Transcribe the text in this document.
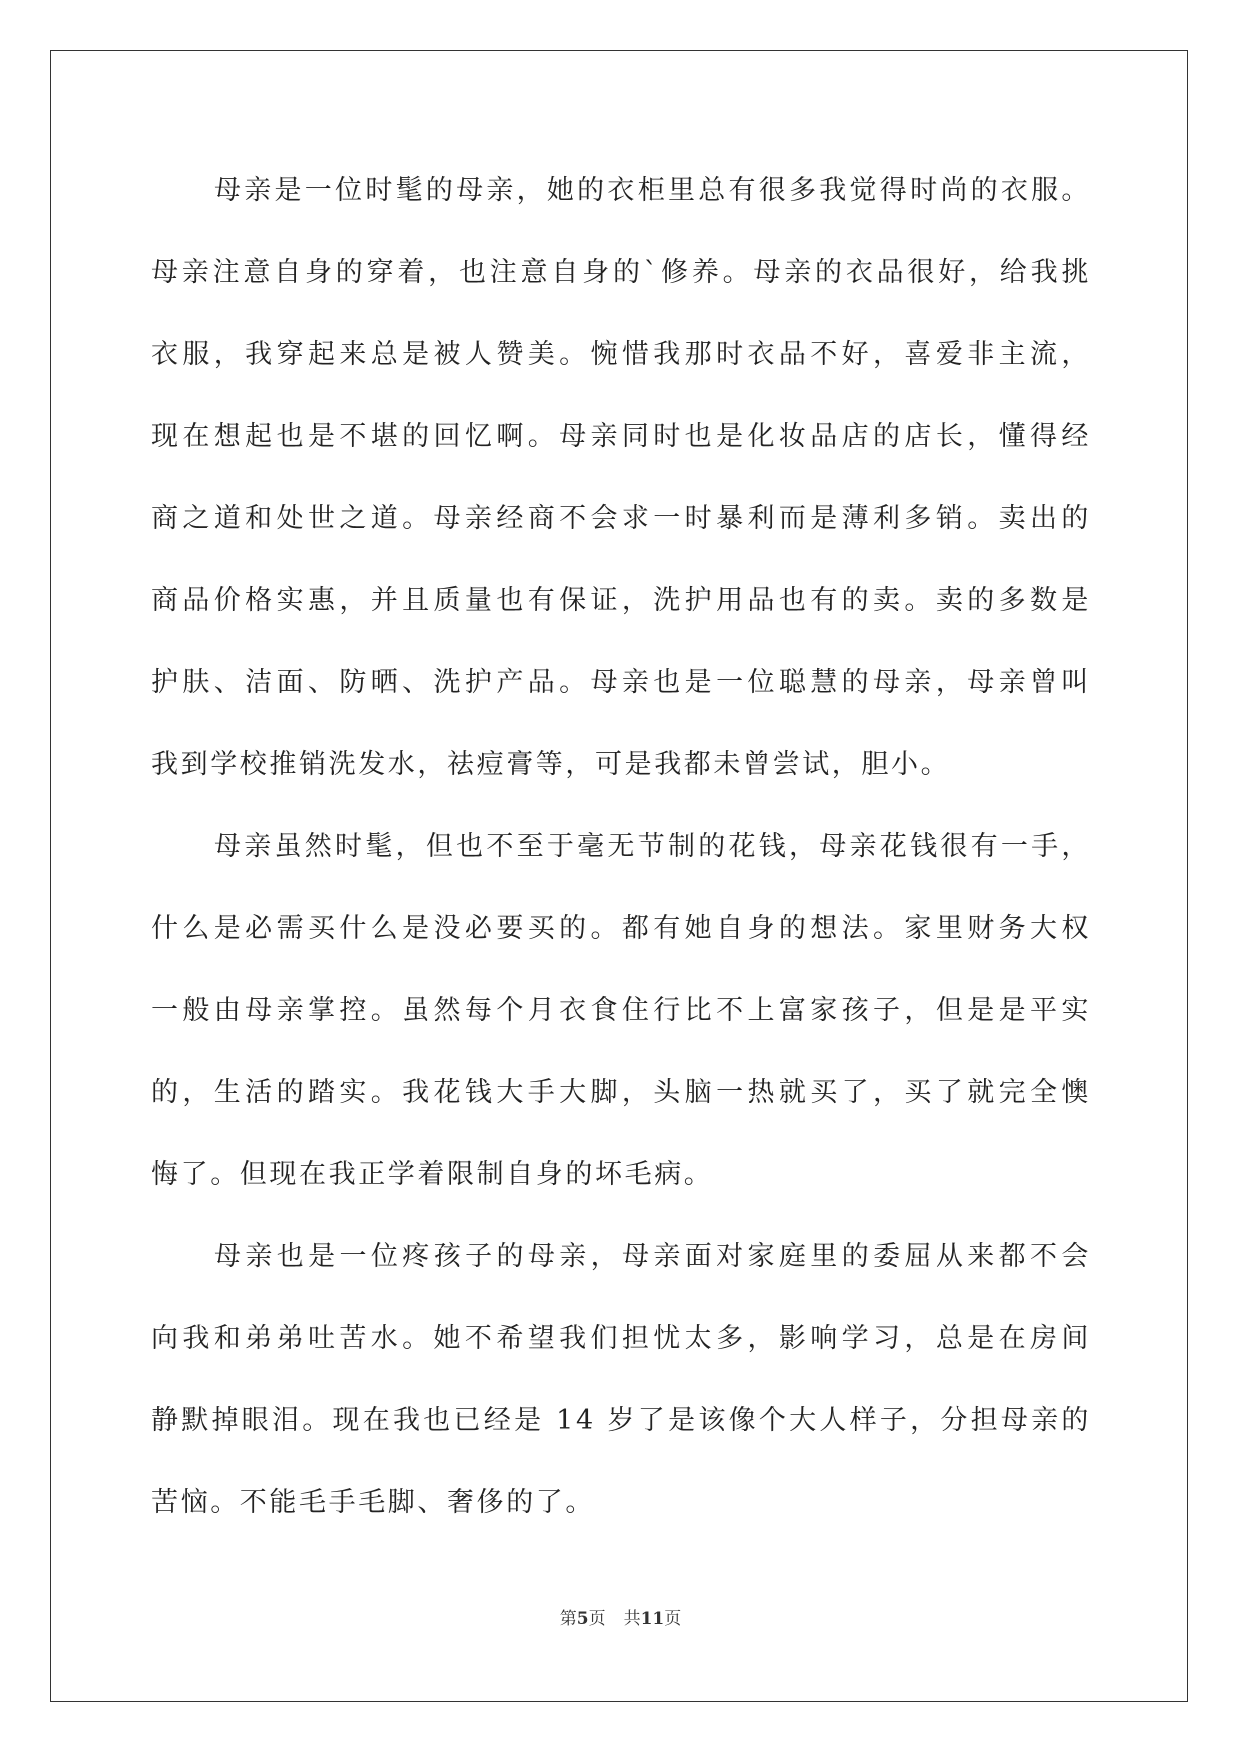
母亲是一位时髦的母亲，她的衣柜里总有很多我觉得时尚的衣服。
母亲注意自身的穿着，也注意自身的`修养。母亲的衣品很好，给我挑
衣服，我穿起来总是被人赞美。惋惜我那时衣品不好，喜爱非主流，
现在想起也是不堪的回忆啊。母亲同时也是化妆品店的店长，懂得经
商之道和处世之道。母亲经商不会求一时暴利而是薄利多销。卖出的
商品价格实惠，并且质量也有保证，洗护用品也有的卖。卖的多数是
护肤、洁面、防晒、洗护产品。母亲也是一位聪慧的母亲，母亲曾叫
我到学校推销洗发水，祛痘膏等，可是我都未曾尝试，胆小。
母亲虽然时髦，但也不至于毫无节制的花钱，母亲花钱很有一手，
什么是必需买什么是没必要买的。都有她自身的想法。家里财务大权
一般由母亲掌控。虽然每个月衣食住行比不上富家孩子，但是是平实
的，生活的踏实。我花钱大手大脚，头脑一热就买了，买了就完全懊
悔了。但现在我正学着限制自身的坏毛病。
母亲也是一位疼孩子的母亲，母亲面对家庭里的委屈从来都不会
向我和弟弟吐苦水。她不希望我们担忧太多，影响学习，总是在房间
静默掉眼泪。现在我也已经是 14 岁了是该像个大人样子，分担母亲的
苦恼。不能毛手毛脚、奢侈的了。
第5页 共11页
